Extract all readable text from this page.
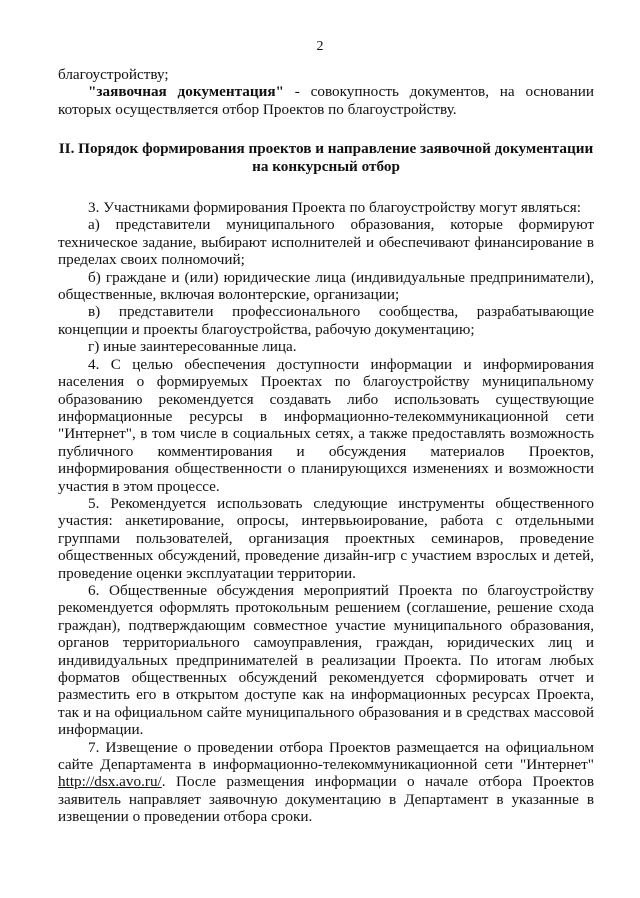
2

благоустройству;

"заявочная документация" - совокупность документов, на основании которых осуществляется отбор Проектов по благоустройству.

II. Порядок формирования проектов и направление заявочной документации
на конкурсный отбор

3. Участниками формирования Проекта по благоустройству могут являться:

а) представители муниципального образования, которые формируют техническое задание, выбирают исполнителей и обеспечивают финансирование в пределах своих полномочий;

б) граждане и (или) юридические лица (индивидуальные предприниматели), общественные, включая волонтерские, организации;

в) представители профессионального сообщества, разрабатывающие концепции и проекты благоустройства, рабочую документацию;

г) иные заинтересованные лица.

4. С целью обеспечения доступности информации и информирования населения о формируемых Проектах по благоустройству муниципальному образованию рекомендуется создавать либо использовать существующие информационные ресурсы в информационно-телекоммуникационной сети "Интернет", в том числе в социальных сетях, а также предоставлять возможность публичного комментирования и обсуждения материалов Проектов, информирования общественности о планирующихся изменениях и возможности участия в этом процессе.

5. Рекомендуется использовать следующие инструменты общественного участия: анкетирование, опросы, интервьюирование, работа с отдельными группами пользователей, организация проектных семинаров, проведение общественных обсуждений, проведение дизайн-игр с участием взрослых и детей, проведение оценки эксплуатации территории.

6. Общественные обсуждения мероприятий Проекта по благоустройству рекомендуется оформлять протокольным решением (соглашение, решение схода граждан), подтверждающим совместное участие муниципального образования, органов территориального самоуправления, граждан, юридических лиц и индивидуальных предпринимателей в реализации Проекта. По итогам любых форматов общественных обсуждений рекомендуется сформировать отчет и разместить его в открытом доступе как на информационных ресурсах Проекта, так и на официальном сайте муниципального образования и в средствах массовой информации.

7. Извещение о проведении отбора Проектов размещается на официальном сайте Департамента в информационно-телекоммуникационной сети "Интернет" http://dsx.avo.ru/. После размещения информации о начале отбора Проектов заявитель направляет заявочную документацию в Департамент в указанные в извещении о проведении отбора сроки.
